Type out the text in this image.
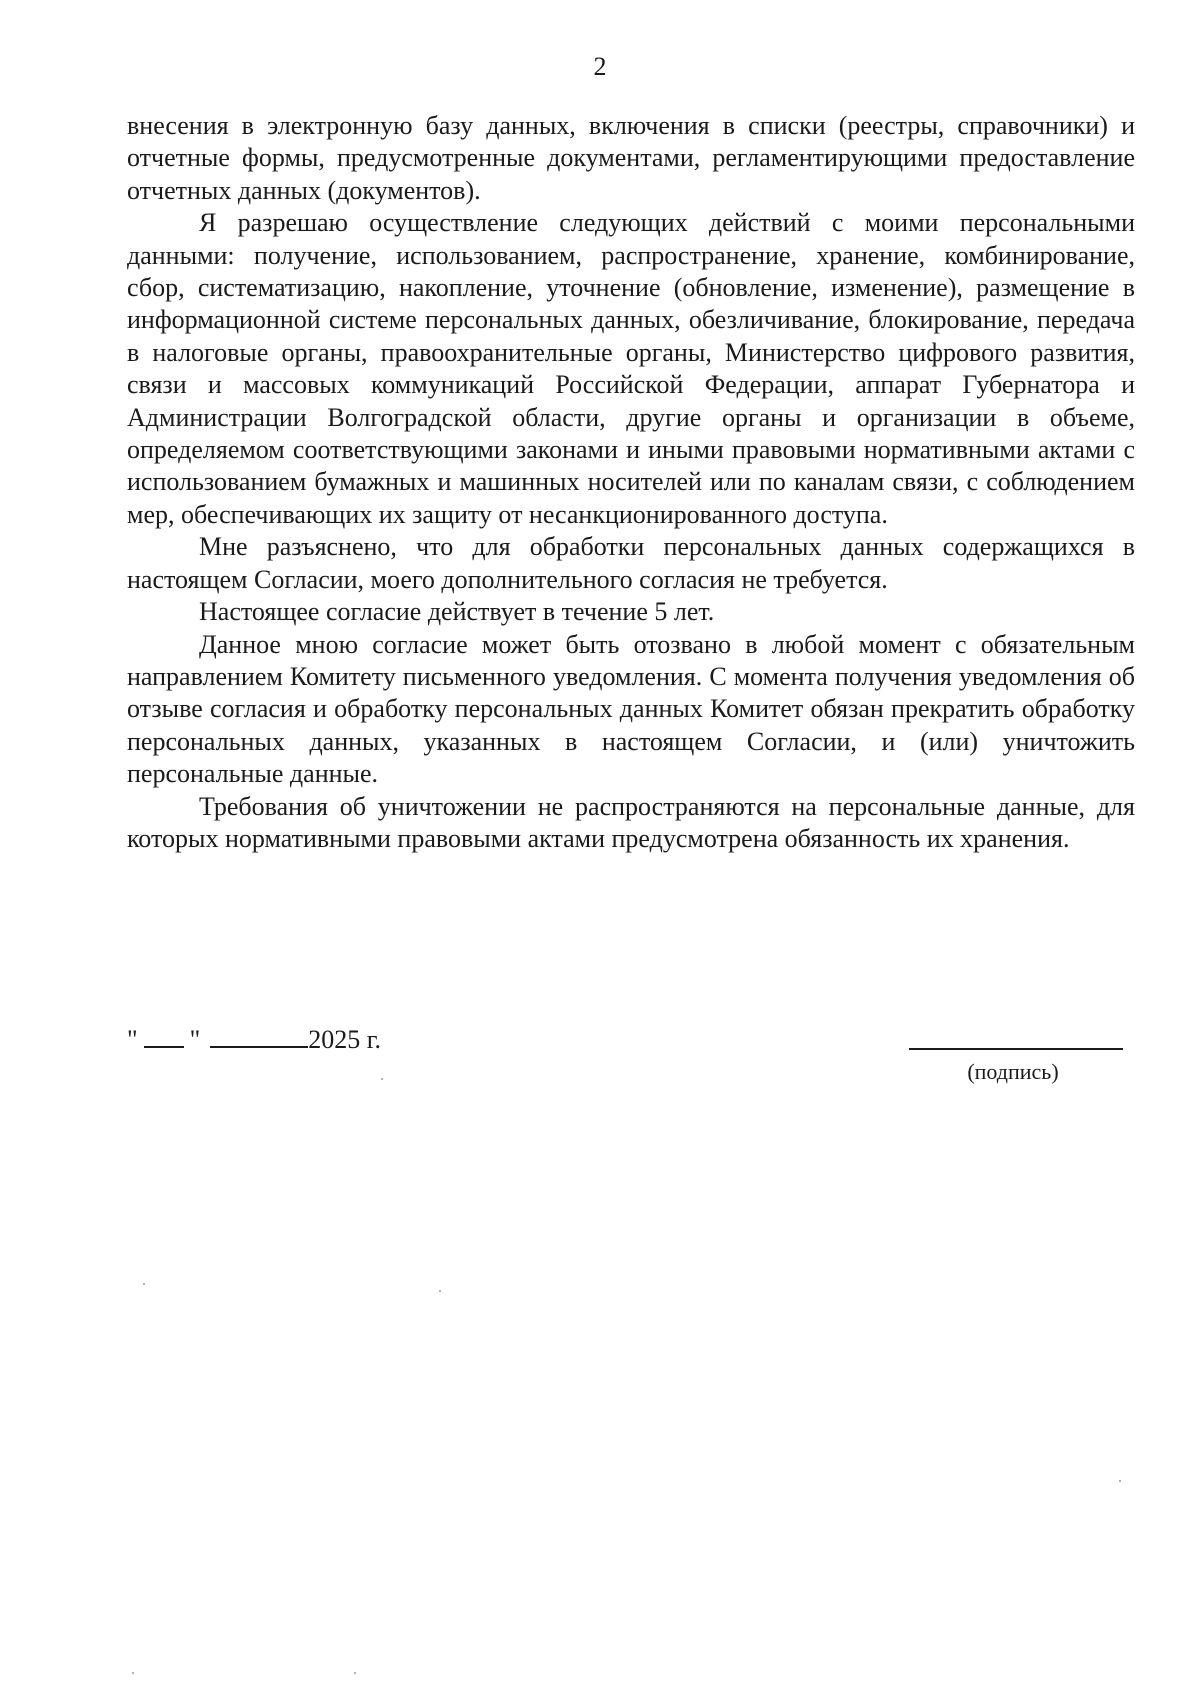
2

внесения в электронную базу данных, включения в списки (реестры, справочники) и отчетные формы, предусмотренные документами, регламентирующими предоставление отчетных данных (документов).

Я разрешаю осуществление следующих действий с моими персональными данными: получение, использованием, распространение, хранение, комбинирование, сбор, систематизацию, накопление, уточнение (обновление, изменение), размещение в информационной системе персональных данных, обезличивание, блокирование, передача в налоговые органы, правоохранительные органы, Министерство цифрового развития, связи и массовых коммуникаций Российской Федерации, аппарат Губернатора и Администрации Волгоградской области, другие органы и организации в объеме, определяемом соответствующими законами и иными правовыми нормативными актами с использованием бумажных и машинных носителей или по каналам связи, с соблюдением мер, обеспечивающих их защиту от несанкционированного доступа.

Мне разъяснено, что для обработки персональных данных содержащихся в настоящем Согласии, моего дополнительного согласия не требуется.

Настоящее согласие действует в течение 5 лет.

Данное мною согласие может быть отозвано в любой момент с обязательным направлением Комитету письменного уведомления. С момента получения уведомления об отзыве согласия и обработку персональных данных Комитет обязан прекратить обработку персональных данных, указанных в настоящем Согласии, и (или) уничтожить персональные данные.

Требования об уничтожении не распространяются на персональные данные, для которых нормативными правовыми актами предусмотрена обязанность их хранения.

" "	2025 г.
(подпись)
